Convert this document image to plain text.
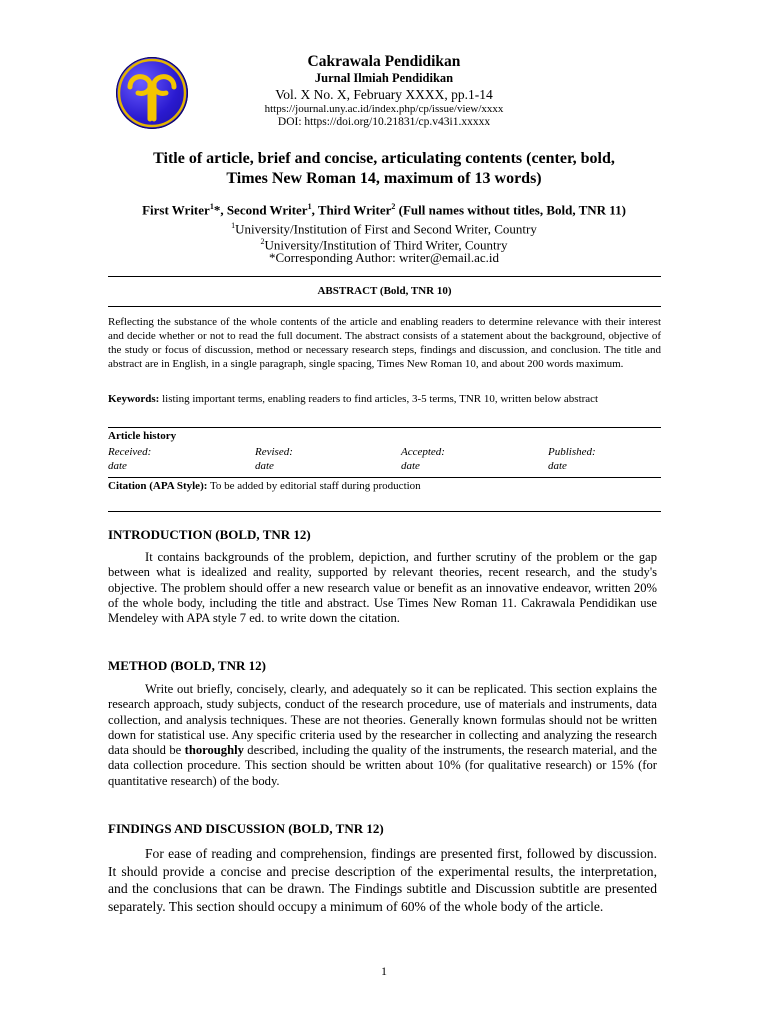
Cakrawala Pendidikan
Jurnal Ilmiah Pendidikan
Vol. X No. X, February XXXX, pp.1-14
https://journal.uny.ac.id/index.php/cp/issue/view/xxxx
DOI: https://doi.org/10.21831/cp.v43i1.xxxxx
Title of article, brief and concise, articulating contents (center, bold,
Times New Roman 14, maximum of 13 words)
First Writer$^1$*, Second Writer$^1$, Third Writer$^2$ (Full names without titles, Bold, TNR 11)
$^1$University/Institution of First and Second Writer, Country
$^2$University/Institution of Third Writer, Country
*Corresponding Author: writer@email.ac.id
ABSTRACT (Bold, TNR 10)
Reflecting the substance of the whole contents of the article and enabling readers to determine relevance with their interest and decide whether or not to read the full document. The abstract consists of a statement about the background, objective of the study or focus of discussion, method or necessary research steps, findings and discussion, and conclusion. The title and abstract are in English, in a single paragraph, single spacing, Times New Roman 10, and about 200 words maximum.
Keywords: listing important terms, enabling readers to find articles, 3-5 terms, TNR 10, written below abstract
Article history
Received:
date
Revised:
date
Accepted:
date
Published:
date
Citation (APA Style): To be added by editorial staff during production
INTRODUCTION (BOLD, TNR 12)
It contains backgrounds of the problem, depiction, and further scrutiny of the problem or the gap between what is idealized and reality, supported by relevant theories, recent research, and the study's objective. The problem should offer a new research value or benefit as an innovative endeavor, written 20% of the whole body, including the title and abstract. Use Times New Roman 11. Cakrawala Pendidikan use Mendeley with APA style 7 ed. to write down the citation.
METHOD (BOLD, TNR 12)
Write out briefly, concisely, clearly, and adequately so it can be replicated. This section explains the research approach, study subjects, conduct of the research procedure, use of materials and instruments, data collection, and analysis techniques. These are not theories. Generally known formulas should not be written down for statistical use. Any specific criteria used by the researcher in collecting and analyzing the research data should be thoroughly described, including the quality of the instruments, the research material, and the data collection procedure. This section should be written about 10% (for qualitative research) or 15% (for quantitative research) of the body.
FINDINGS AND DISCUSSION (BOLD, TNR 12)
For ease of reading and comprehension, findings are presented first, followed by discussion. It should provide a concise and precise description of the experimental results, the interpretation, and the conclusions that can be drawn. The Findings subtitle and Discussion subtitle are presented separately. This section should occupy a minimum of 60% of the whole body of the article.
1
